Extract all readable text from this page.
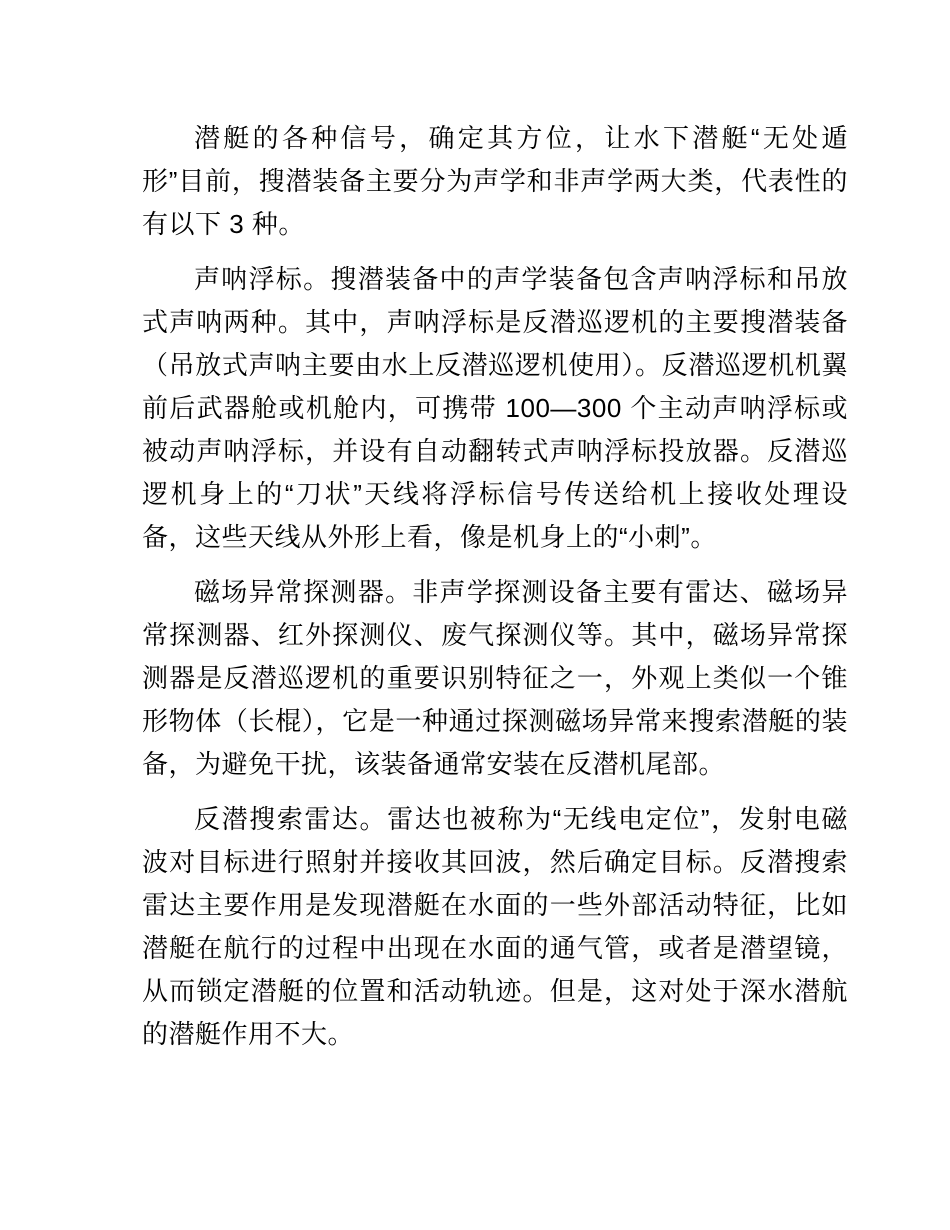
潜艇的各种信号，确定其方位，让水下潜艇“无处遁形”目前，搜潜装备主要分为声学和非声学两大类，代表性的有以下 3 种。

声呐浮标。搜潜装备中的声学装备包含声呐浮标和吊放式声呐两种。其中，声呐浮标是反潜巡逻机的主要搜潜装备（吊放式声呐主要由水上反潜巡逻机使用）。反潜巡逻机机翼前后武器舱或机舱内，可携带 100—300 个主动声呐浮标或被动声呐浮标，并设有自动翻转式声呐浮标投放器。反潜巡逻机身上的“刀状”天线将浮标信号传送给机上接收处理设备，这些天线从外形上看，像是机身上的“小刺”。

磁场异常探测器。非声学探测设备主要有雷达、磁场异常探测器、红外探测仪、废气探测仪等。其中，磁场异常探测器是反潜巡逻机的重要识别特征之一，外观上类似一个锥形物体（长棍），它是一种通过探测磁场异常来搜索潜艇的装备，为避免干扰，该装备通常安装在反潜机尾部。

反潜搜索雷达。雷达也被称为“无线电定位”，发射电磁波对目标进行照射并接收其回波，然后确定目标。反潜搜索雷达主要作用是发现潜艇在水面的一些外部活动特征，比如潜艇在航行的过程中出现在水面的通气管，或者是潜望镜，从而锁定潜艇的位置和活动轨迹。但是，这对处于深水潜航的潜艇作用不大。
